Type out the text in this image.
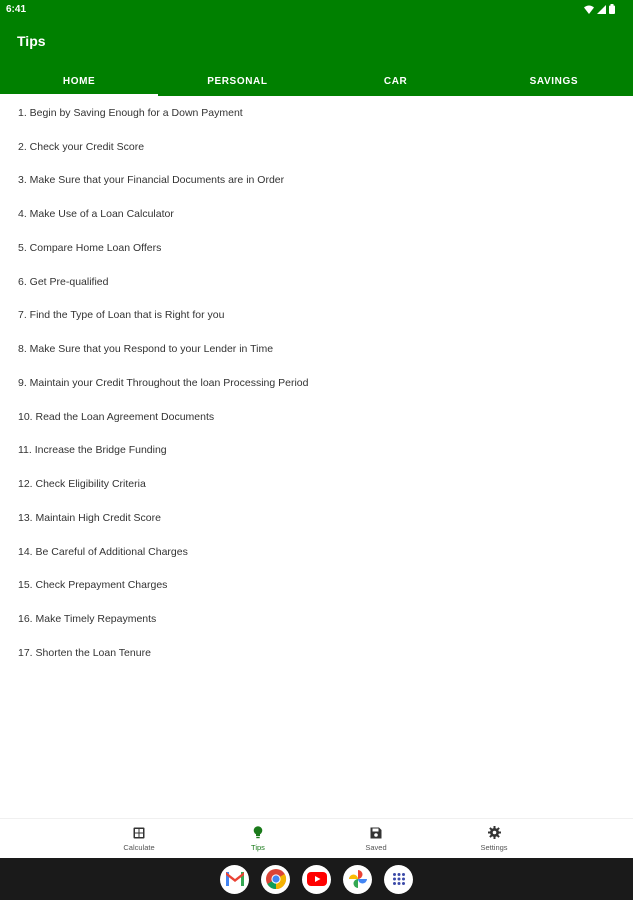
6:41
Tips
HOME	PERSONAL	CAR	SAVINGS
1. Begin by Saving Enough for a Down Payment
2. Check your Credit Score
3. Make Sure that your Financial Documents are in Order
4. Make Use of a Loan Calculator
5. Compare Home Loan Offers
6. Get Pre-qualified
7. Find the Type of Loan that is Right for you
8. Make Sure that you Respond to your Lender in Time
9. Maintain your Credit Throughout the loan Processing Period
10. Read the Loan Agreement Documents
11. Increase the Bridge Funding
12. Check Eligibility Criteria
13. Maintain High Credit Score
14. Be Careful of Additional Charges
15. Check Prepayment Charges
16. Make Timely Repayments
17. Shorten the Loan Tenure
Calculate	Tips	Saved	Settings
